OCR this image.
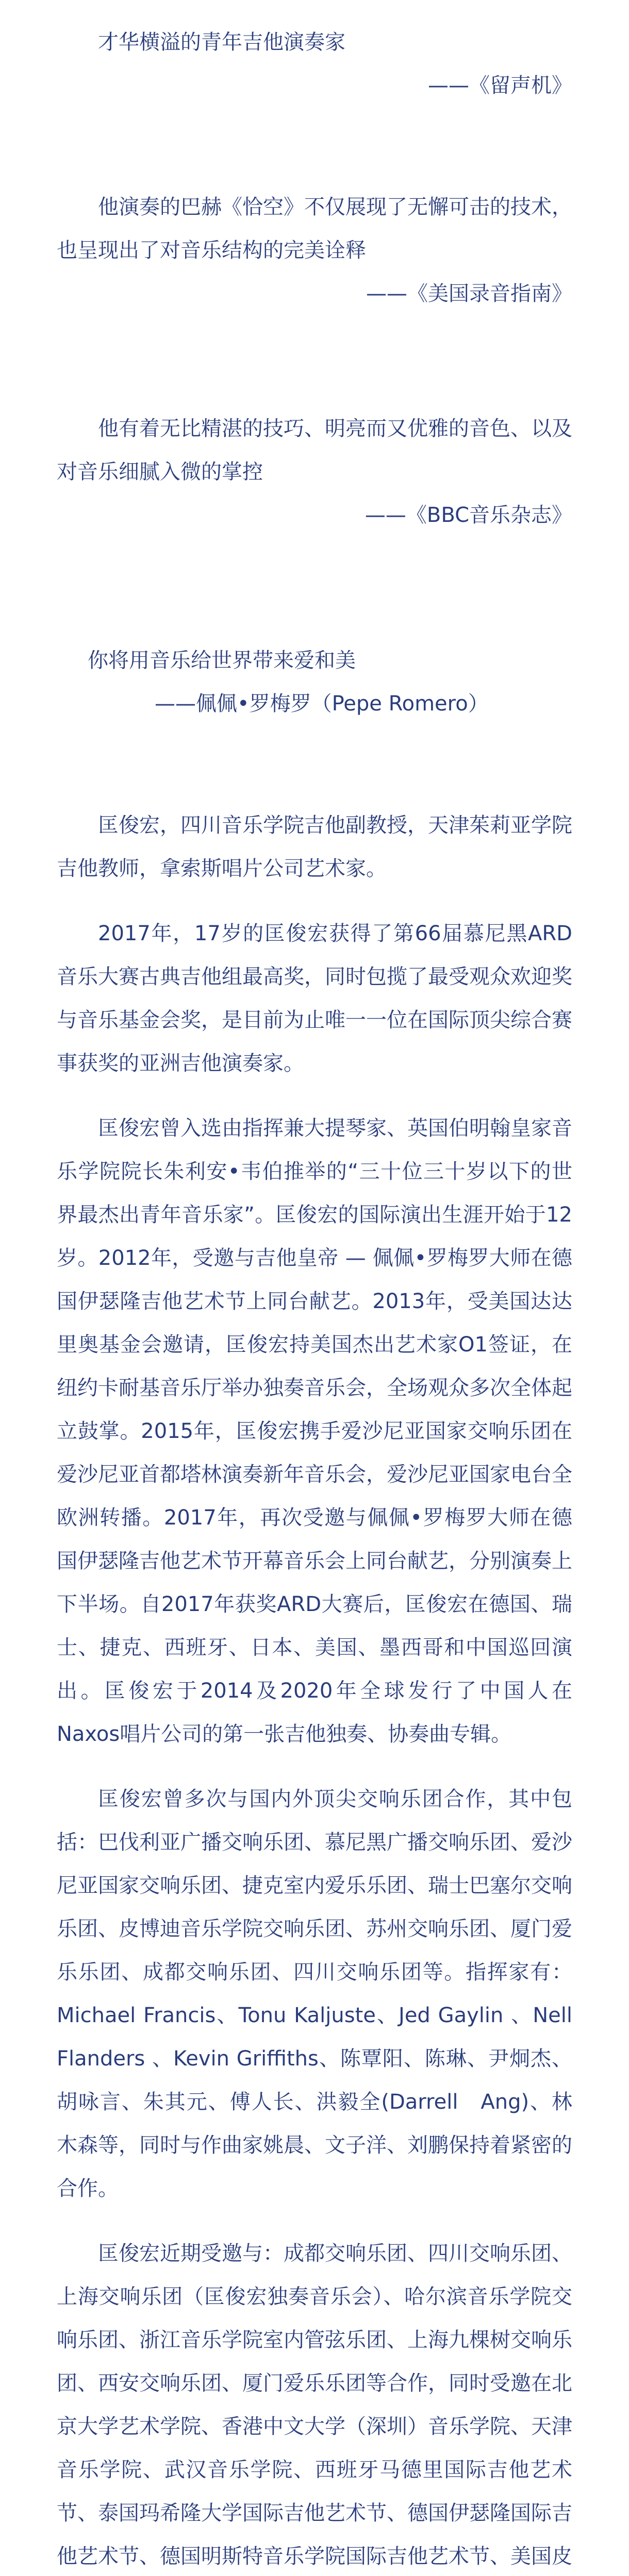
才华横溢的青年吉他演奏家

——《留声机》

他演奏的巴赫《恰空》不仅展现了无懈可击的技术，也呈现出了对音乐结构的完美诠释

——《美国录音指南》

他有着无比精湛的技巧、明亮而又优雅的音色、以及对音乐细腻入微的掌控

——《BBC音乐杂志》

你将用音乐给世界带来爱和美

——佩佩•罗梅罗（Pepe Romero）

匡俊宏，四川音乐学院吉他副教授，天津茱莉亚学院吉他教师，拿索斯唱片公司艺术家。

2017年，17岁的匡俊宏获得了第66届慕尼黑ARD音乐大赛古典吉他组最高奖，同时包揽了最受观众欢迎奖与音乐基金会奖，是目前为止唯一一位在国际顶尖综合赛事获奖的亚洲吉他演奏家。

匡俊宏曾入选由指挥兼大提琴家、英国伯明翰皇家音乐学院院长朱利安•韦伯推举的“三十位三十岁以下的世界最杰出青年音乐家”。匡俊宏的国际演出生涯开始于12岁。2012年，受邀与吉他皇帝 — 佩佩•罗梅罗大师在德国伊瑟隆吉他艺术节上同台献艺。2013年，受美国达达里奥基金会邀请，匡俊宏持美国杰出艺术家O1签证，在纽约卡耐基音乐厅举办独奏音乐会，全场观众多次全体起立鼓掌。2015年，匡俊宏携手爱沙尼亚国家交响乐团在爱沙尼亚首都塔林演奏新年音乐会，爱沙尼亚国家电台全欧洲转播。2017年，再次受邀与佩佩•罗梅罗大师在德国伊瑟隆吉他艺术节开幕音乐会上同台献艺，分别演奏上下半场。自2017年获奖ARD大赛后，匡俊宏在德国、瑞士、捷克、西班牙、日本、美国、墨西哥和中国巡回演出。匡俊宏于2014及2020年全球发行了中国人在Naxos唱片公司的第一张吉他独奏、协奏曲专辑。

匡俊宏曾多次与国内外顶尖交响乐团合作，其中包括：巴伐利亚广播交响乐团、慕尼黑广播交响乐团、爱沙尼亚国家交响乐团、捷克室内爱乐乐团、瑞士巴塞尔交响乐团、皮博迪音乐学院交响乐团、苏州交响乐团、厦门爱乐乐团、成都交响乐团、四川交响乐团等。指挥家有：Michael Francis、Tonu Kaljuste、Jed Gaylin 、Nell Flanders 、Kevin Griffiths、陈覃阳、陈琳、尹炯杰、胡咏言、朱其元、傅人长、洪毅全(Darrell　Ang)、林木森等，同时与作曲家姚晨、文子洋、刘鹏保持着紧密的合作。

匡俊宏近期受邀与：成都交响乐团、四川交响乐团、上海交响乐团（匡俊宏独奏音乐会）、哈尔滨音乐学院交响乐团、浙江音乐学院室内管弦乐团、上海九棵树交响乐团、西安交响乐团、厦门爱乐乐团等合作，同时受邀在北京大学艺术学院、香港中文大学（深圳）音乐学院、天津音乐学院、武汉音乐学院、西班牙马德里国际吉他艺术节、泰国玛希隆大学国际吉他艺术节、德国伊瑟隆国际吉他艺术节、德国明斯特音乐学院国际吉他艺术节、美国皮
